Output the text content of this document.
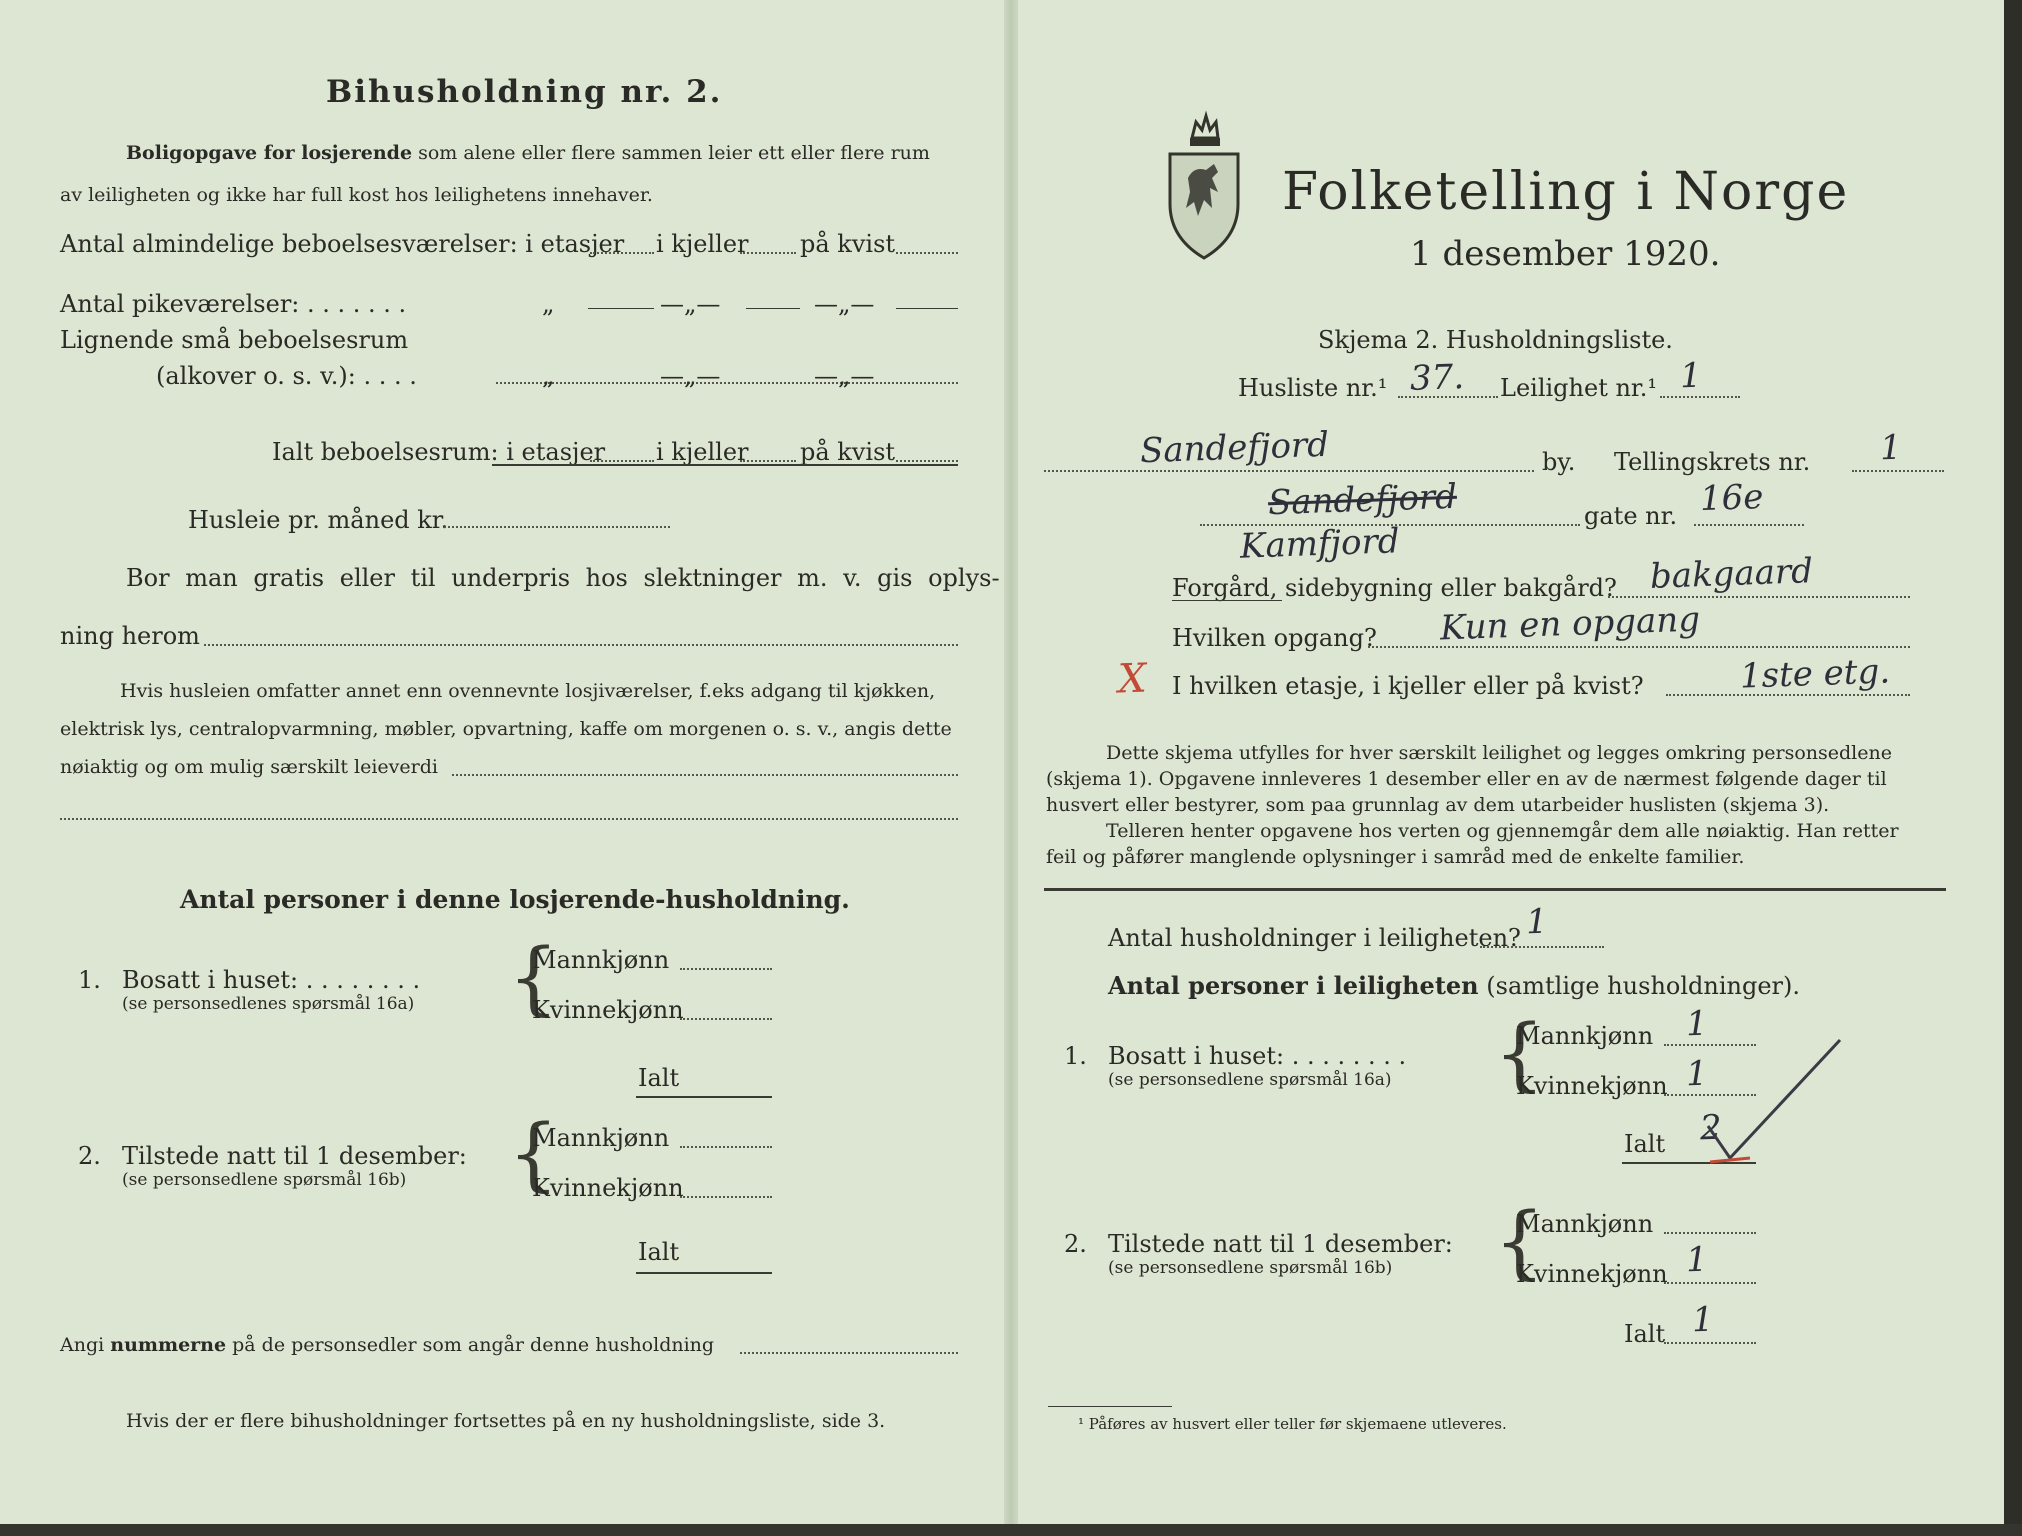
Bihusholdning nr. 2.
Boligopgave for losjerende som alene eller flere sammen leier ett eller flere rum
av leiligheten og ikke har full kost hos leilighetens innehaver.
Antal almindelige beboelsesværelser: i etasjer i kjeller på kvist
Antal pikeværelser: . . . . . . .	„	—„—	—„—
Lignende små beboelsesrum
(alkover o. s. v.): . . . .	„	—„—	—„—
Ialt beboelsesrum: i etasjer i kjeller på kvist
Husleie pr. måned kr.
Bor man gratis eller til underpris hos slektninger m. v. gis oplys-
ning herom
Hvis husleien omfatter annet enn ovennevnte losjiværelser, f.eks adgang til kjøkken,
elektrisk lys, centralopvarmning, møbler, opvartning, kaffe om morgenen o. s. v., angis dette
nøiaktig og om mulig særskilt leieverdi
Antal personer i denne losjerende-husholdning.
1. Bosatt i huset: . . . . . . . .
(se personsedlenes spørsmål 16a) {
Mannkjønn
Kvinnekjønn
Ialt
2. Tilstede natt til 1 desember:
(se personsedlene spørsmål 16b) {
Mannkjønn
Kvinnekjønn
Ialt
Angi nummerne på de personsedler som angår denne husholdning
Hvis der er flere bihusholdninger fortsettes på en ny husholdningsliste, side 3.
Folketelling i Norge
1 desember 1920.
Skjema 2. Husholdningsliste.
Husliste nr.¹ 37. Leilighet nr.¹ 1
Sandefjord	by. Tellingskrets nr. 1
Sandefjord
Kamfjord
gate nr. 16e
Forgård, sidebygning eller bakgård? bakgaard
Hvilken opgang? Kun en opgang
X I hvilken etasje, i kjeller eller på kvist?	1ste etg.
Dette skjema utfylles for hver særskilt leilighet og legges omkring personsedlene
(skjema 1). Opgavene innleveres 1 desember eller en av de nærmest følgende dager til
husvert eller bestyrer, som paa grunnlag av dem utarbeider huslisten (skjema 3).
Telleren henter opgavene hos verten og gjennemgår dem alle nøiaktig. Han retter
feil og påfører manglende oplysninger i samråd med de enkelte familier.
Antal husholdninger i leiligheten? 1
Antal personer i leiligheten (samtlige husholdninger).
1. Bosatt i huset: . . . . . . . .
(se personsedlene spørsmål 16a) {
Mannkjønn 1
Kvinnekjønn 1
Ialt 2
2. Tilstede natt til 1 desember:
(se personsedlene spørsmål 16b) {
Mannkjønn
Kvinnekjønn 1
Ialt 1
¹ Påføres av husvert eller teller før skjemaene utleveres.
